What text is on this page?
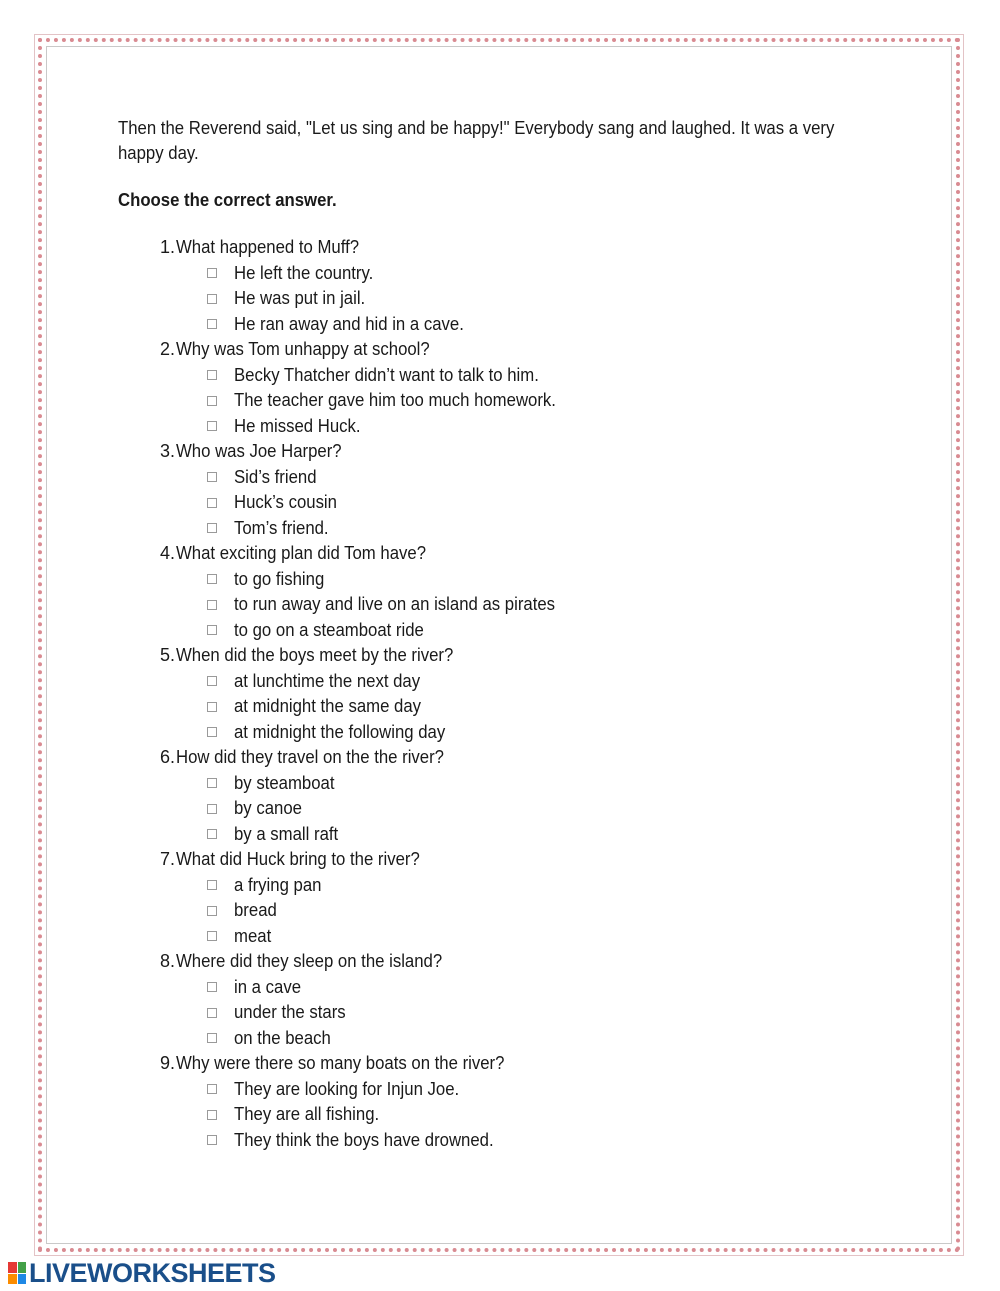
Then the Reverend said, "Let us sing and be happy!" Everybody sang and laughed. It was a very happy day.

Choose the correct answer.

1. What happened to Muff?
He left the country.
He was put in jail.
He ran away and hid in a cave.
2. Why was Tom unhappy at school?
Becky Thatcher didn’t want to talk to him.
The teacher gave him too much homework.
He missed Huck.
3. Who was Joe Harper?
Sid’s friend
Huck’s cousin
Tom’s friend.
4. What exciting plan did Tom have?
to go fishing
to run away and live on an island as pirates
to go on a steamboat ride
5. When did the boys meet by the river?
at lunchtime the next day
at midnight the same day
at midnight the following day
6. How did they travel on the the river?
by steamboat
by canoe
by a small raft
7. What did Huck bring to the river?
a frying pan
bread
meat
8. Where did they sleep on the island?
in a cave
under the stars
on the beach
9. Why were there so many boats on the river?
They are looking for Injun Joe.
They are all fishing.
They think the boys have drowned.
LIVEWORKSHEETS
